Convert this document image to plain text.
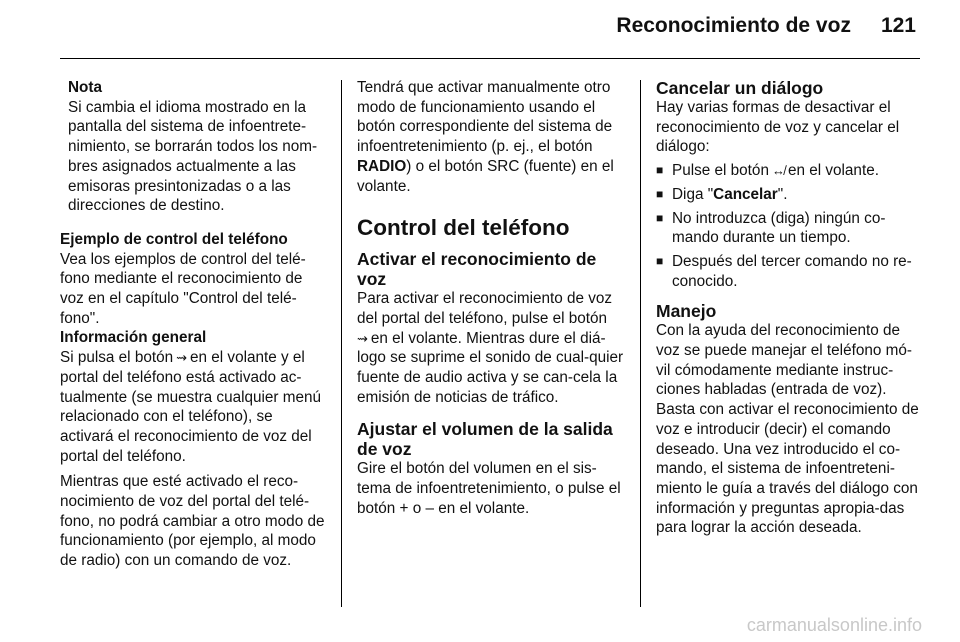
Reconocimiento de voz 121

Nota

Si cambia el idioma mostrado en la pantalla del sistema de infoentrete-nimiento, se borrarán todos los nom-bres asignados actualmente a las emisoras presintonizadas o a las direcciones de destino.

Ejemplo de control del teléfono

Vea los ejemplos de control del telé-fono mediante el reconocimiento de voz en el capítulo "Control del telé-fono".

Información general

Si pulsa el botón ⇝ en el volante y el portal del teléfono está activado ac-tualmente (se muestra cualquier menú relacionado con el teléfono), se activará el reconocimiento de voz del portal del teléfono.

Mientras que esté activado el reco-nocimiento de voz del portal del telé-fono, no podrá cambiar a otro modo de funcionamiento (por ejemplo, al modo de radio) con un comando de voz.

Tendrá que activar manualmente otro modo de funcionamiento usando el botón correspondiente del sistema de infoentretenimiento (p. ej., el botón RADIO) o el botón SRC (fuente) en el volante.

Control del teléfono

Activar el reconocimiento de voz

Para activar el reconocimiento de voz del portal del teléfono, pulse el botón
⇝ en el volante. Mientras dure el diá-logo se suprime el sonido de cual-quier fuente de audio activa y se can-cela la emisión de noticias de tráfico.

Ajustar el volumen de la salida de voz

Gire el botón del volumen en el sis-tema de infoentretenimiento, o pulse el botón + o – en el volante.

Cancelar un diálogo

Hay varias formas de desactivar el reconocimiento de voz y cancelar el diálogo:

■ Pulse el botón ↮ en el volante.
■ Diga "Cancelar".
■ No introduzca (diga) ningún co-mando durante un tiempo.
■ Después del tercer comando no re-conocido.

Manejo

Con la ayuda del reconocimiento de voz se puede manejar el teléfono mó-vil cómodamente mediante instruc-ciones habladas (entrada de voz). Basta con activar el reconocimiento de voz e introducir (decir) el comando deseado. Una vez introducido el co-mando, el sistema de infoentreteni-miento le guía a través del diálogo con información y preguntas apropia-das para lograr la acción deseada.

carmanualsonline.info
